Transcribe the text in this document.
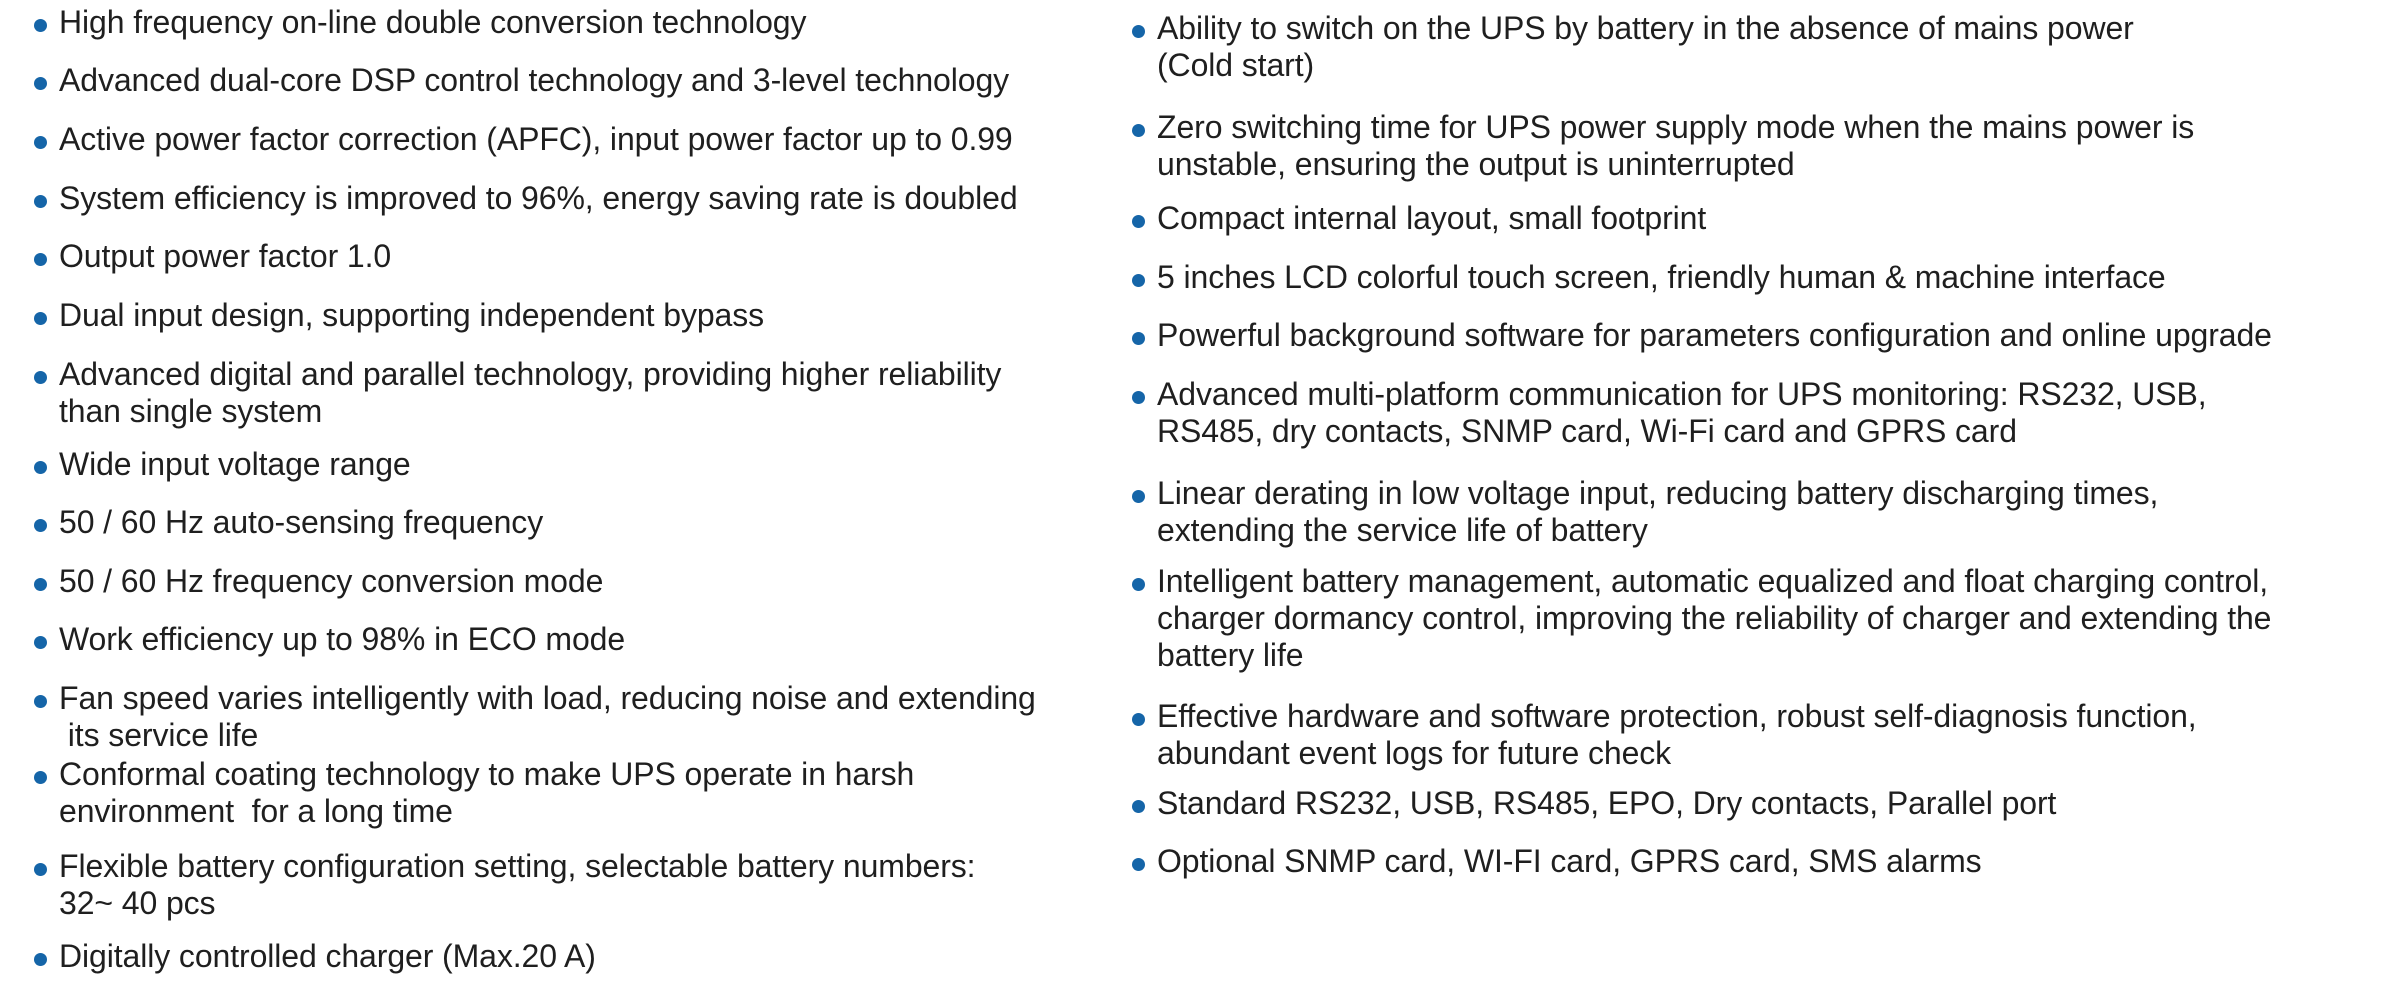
High frequency on-line double conversion technology
Advanced dual-core DSP control technology and 3-level technology
Active power factor correction (APFC), input power factor up to 0.99
System efficiency is improved to 96%, energy saving rate is doubled
Output power factor 1.0
Dual input design, supporting independent bypass
Advanced digital and parallel technology, providing higher reliability
than single system
Wide input voltage range
50 / 60 Hz auto-sensing frequency
50 / 60 Hz frequency conversion mode
Work efficiency up to 98% in ECO mode
Fan speed varies intelligently with load, reducing noise and extending
its service life
Conformal coating technology to make UPS operate in harsh
environment  for a long time
Flexible battery configuration setting, selectable battery numbers:
32~ 40 pcs
Digitally controlled charger (Max.20 A)
Ability to switch on the UPS by battery in the absence of mains power
(Cold start)
Zero switching time for UPS power supply mode when the mains power is
unstable, ensuring the output is uninterrupted
Compact internal layout, small footprint
5 inches LCD colorful touch screen, friendly human & machine interface
Powerful background software for parameters configuration and online upgrade
Advanced multi-platform communication for UPS monitoring: RS232, USB,
RS485, dry contacts, SNMP card, Wi-Fi card and GPRS card
Linear derating in low voltage input, reducing battery discharging times,
extending the service life of battery
Intelligent battery management, automatic equalized and float charging control,
charger dormancy control, improving the reliability of charger and extending the
battery life
Effective hardware and software protection, robust self-diagnosis function,
abundant event logs for future check
Standard RS232, USB, RS485, EPO, Dry contacts, Parallel port
Optional SNMP card, WI-FI card, GPRS card, SMS alarms
